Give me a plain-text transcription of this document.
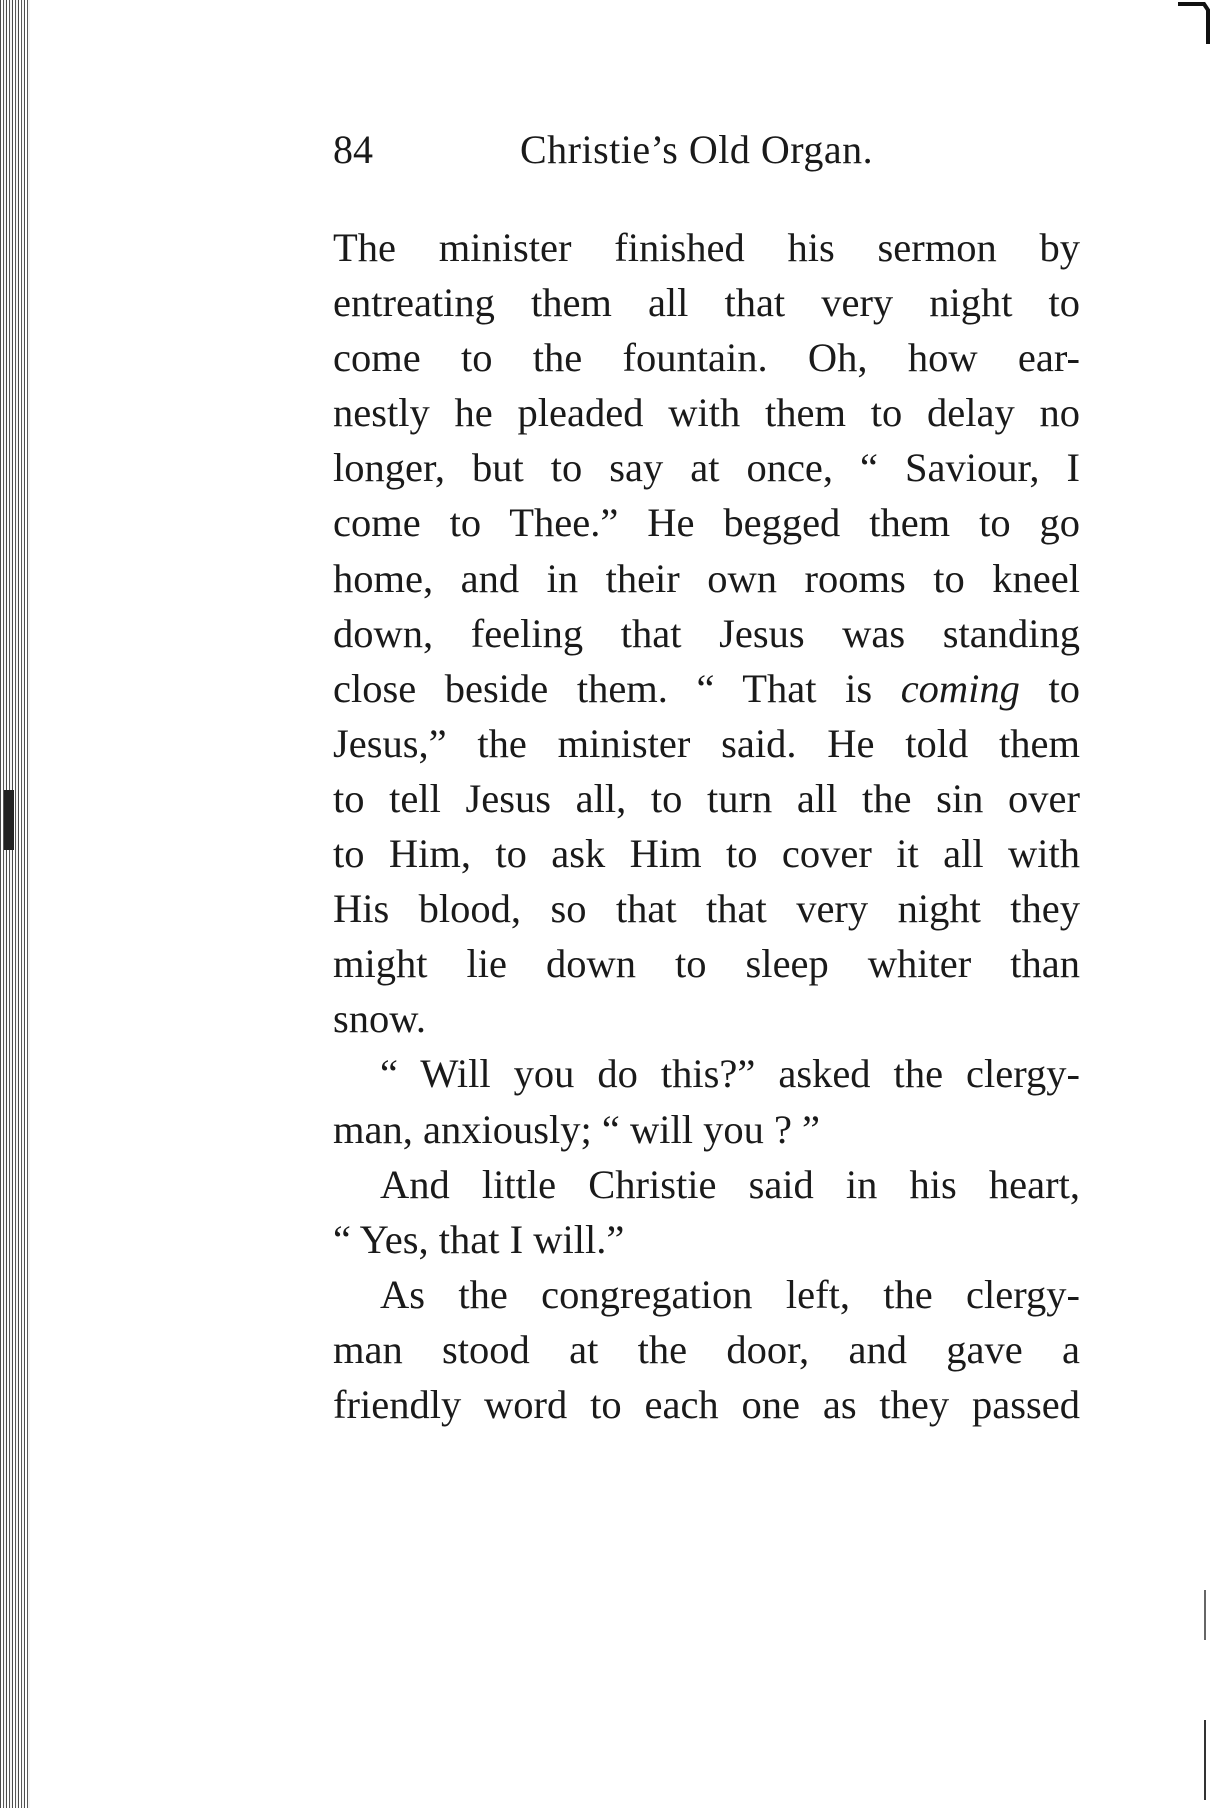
84	Christie’s Old Organ.
The minister finished his sermon by
entreating them all that very night to
come to the fountain. Oh, how ear-
nestly he pleaded with them to delay no
longer, but to say at once, “ Saviour, I
come to Thee.” He begged them to go
home, and in their own rooms to kneel
down, feeling that Jesus was standing
close beside them. “ That is coming to
Jesus,” the minister said. He told them
to tell Jesus all, to turn all the sin over
to Him, to ask Him to cover it all with
His blood, so that that very night they
might lie down to sleep whiter than
snow.
“ Will you do this?” asked the clergy-
man, anxiously; “ will you ? ”
And little Christie said in his heart,
“ Yes, that I will.”
As the congregation left, the clergy-
man stood at the door, and gave a
friendly word to each one as they passed
